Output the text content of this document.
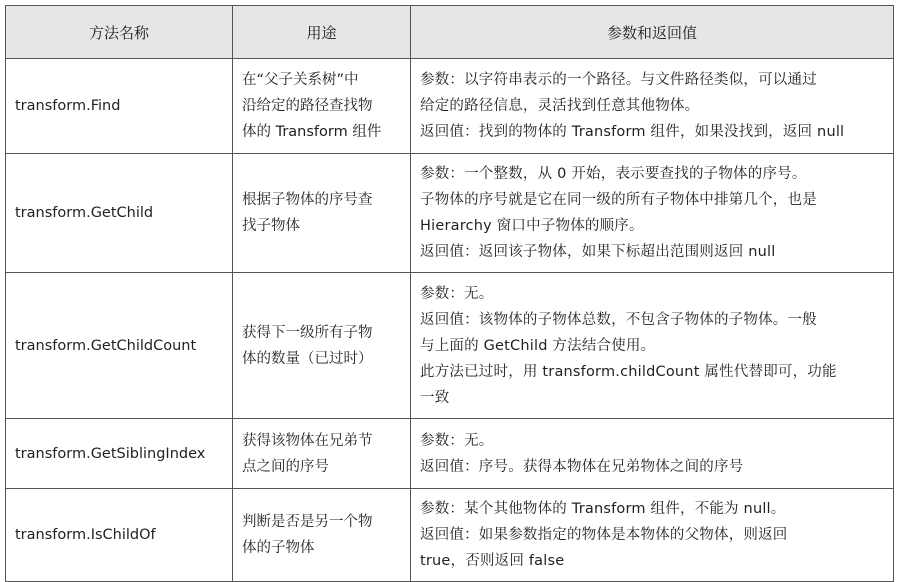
方法名称	用途	参数和返回值
transform.Find	在“父子关系树”中
沿给定的路径查找物
体的 Transform 组件	参数：以字符串表示的一个路径。与文件路径类似，可以通过
给定的路径信息，灵活找到任意其他物体。
返回值：找到的物体的 Transform 组件，如果没找到，返回 null

transform.GetChild	根据子物体的序号查
找子物体	参数：一个整数，从 0 开始，表示要查找的子物体的序号。
子物体的序号就是它在同一级的所有子物体中排第几个，也是
Hierarchy 窗口中子物体的顺序。
返回值：返回该子物体，如果下标超出范围则返回 null

transform.GetChildCount	获得下一级所有子物
体的数量（已过时）	参数：无。
返回值：该物体的子物体总数，不包含子物体的子物体。一般
与上面的 GetChild 方法结合使用。
此方法已过时，用 transform.childCount 属性代替即可，功能
一致

transform.GetSiblingIndex	获得该物体在兄弟节
点之间的序号	参数：无。
返回值：序号。获得本物体在兄弟物体之间的序号

transform.IsChildOf	判断是否是另一个物
体的子物体	参数：某个其他物体的 Transform 组件，不能为 null。
返回值：如果参数指定的物体是本物体的父物体，则返回
true，否则返回 false
